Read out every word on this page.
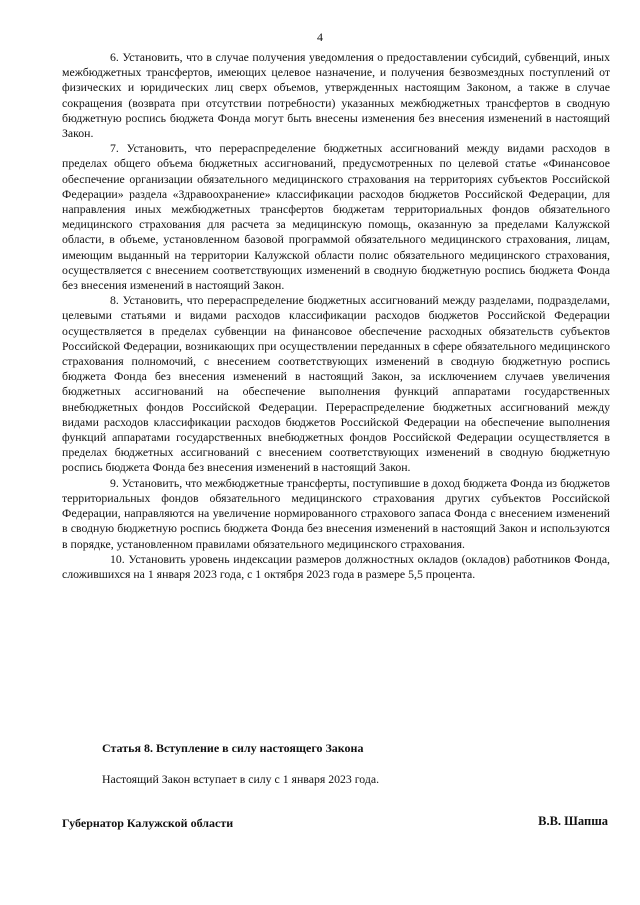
4

6. Установить, что в случае получения уведомления о предоставлении субсидий, субвенций, иных межбюджетных трансфертов, имеющих целевое назначение, и получения безвозмездных поступлений от физических и юридических лиц сверх объемов, утвержденных настоящим Законом, а также в случае сокращения (возврата при отсутствии потребности) указанных межбюджетных трансфертов в сводную бюджетную роспись бюджета Фонда могут быть внесены изменения без внесения изменений в настоящий Закон.

7. Установить, что перераспределение бюджетных ассигнований между видами расходов в пределах общего объема бюджетных ассигнований, предусмотренных по целевой статье «Финансовое обеспечение организации обязательного медицинского страхования на территориях субъектов Российской Федерации» раздела «Здравоохранение» классификации расходов бюджетов Российской Федерации, для направления иных межбюджетных трансфертов бюджетам территориальных фондов обязательного медицинского страхования для расчета за медицинскую помощь, оказанную за пределами Калужской области, в объеме, установленном базовой программой обязательного медицинского страхования, лицам, имеющим выданный на территории Калужской области полис обязательного медицинского страхования, осуществляется с внесением соответствующих изменений в сводную бюджетную роспись бюджета Фонда без внесения изменений в настоящий Закон.

8. Установить, что перераспределение бюджетных ассигнований между разделами, подразделами, целевыми статьями и видами расходов классификации расходов бюджетов Российской Федерации осуществляется в пределах субвенции на финансовое обеспечение расходных обязательств субъектов Российской Федерации, возникающих при осуществлении переданных в сфере обязательного медицинского страхования полномочий, с внесением соответствующих изменений в сводную бюджетную роспись бюджета Фонда без внесения изменений в настоящий Закон, за исключением случаев увеличения бюджетных ассигнований на обеспечение выполнения функций аппаратами государственных внебюджетных фондов Российской Федерации. Перераспределение бюджетных ассигнований между видами расходов классификации расходов бюджетов Российской Федерации на обеспечение выполнения функций аппаратами государственных внебюджетных фондов Российской Федерации осуществляется в пределах бюджетных ассигнований с внесением соответствующих изменений в сводную бюджетную роспись бюджета Фонда без внесения изменений в настоящий Закон.

9. Установить, что межбюджетные трансферты, поступившие в доход бюджета Фонда из бюджетов территориальных фондов обязательного медицинского страхования других субъектов Российской Федерации, направляются на увеличение нормированного страхового запаса Фонда с внесением изменений в сводную бюджетную роспись бюджета Фонда без внесения изменений в настоящий Закон и используются в порядке, установленном правилами обязательного медицинского страхования.

10. Установить уровень индексации размеров должностных окладов (окладов) работников Фонда, сложившихся на 1 января 2023 года, с 1 октября 2023 года в размере 5,5 процента.

Статья 8. Вступление в силу настоящего Закона
Настоящий Закон вступает в силу с 1 января 2023 года.
Губернатор Калужской области	В.В. Шапша
